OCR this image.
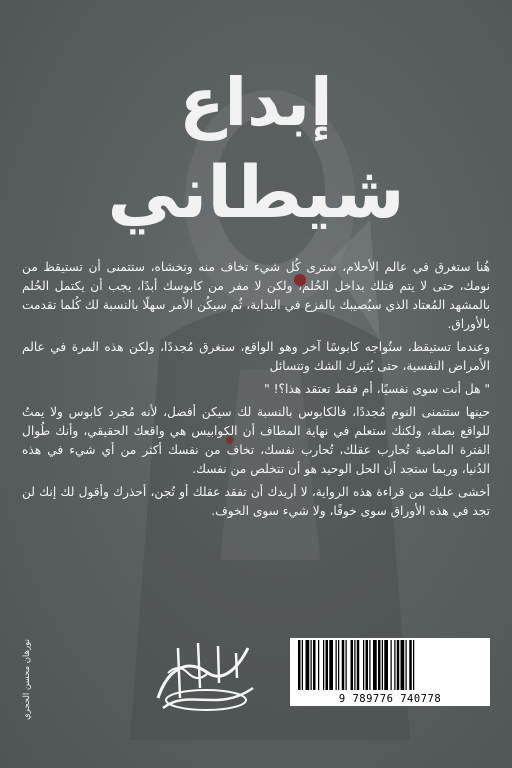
إبداع
شيطاني

هُنا ستغرق في عالم الأحلام، سترى كُل شيء تخاف منه وتخشاه، ستتمنى أن تستيقظ من نومك، حتى لا يتم قتلك بداخل الحُلم، ولكن لا مفر من كابوسك أبدًا، يجب أن يكتمل الحُلم بالمشهد المُعتاد الذي سيُصيبك بالفزع في البداية، ثُم سيكُن الأمر سهلًا بالنسبة لك كُلما تقدمت بالأوراق.

وعندما تستيقظ، ستُواجه كابوسًا آخر وهو الواقع، ستغرق مُجددًا، ولكن هذه المرة في عالم الأمراض النفسية، حتى يُثيرك الشك وتتسائل

" هل أنت سوى نفسيًا، أم فقط تعتقد هذا؟! "

حينها ستتمنى النوم مُجددًا، فالكابوس بالنسبة لك سيكن أفضل، لأنه مُجرد كابوس ولا يمتُ للواقع بصلة، ولكنك ستعلم في نهاية المطاف أن الكوابيس هي واقعك الحقيقي، وأنك طُوال الفترة الماضية تُحارب عقلك، تُحارب نفسك، تخاف من نفسك أكثر من أي شيء في هذه الدُنيا، وربما ستجد أن الحل الوحيد هو أن تتخلص من نفسك.

أخشى عليك من قراءة هذه الرواية، لا أريدك أن تفقد عقلك أو تُجن، أحذرك وأقول لك إنك لن تجد في هذه الأوراق سوى خوفًا، ولا شيء سوى الخوف.

نورهان محسن الحجري	9 789776 740778
